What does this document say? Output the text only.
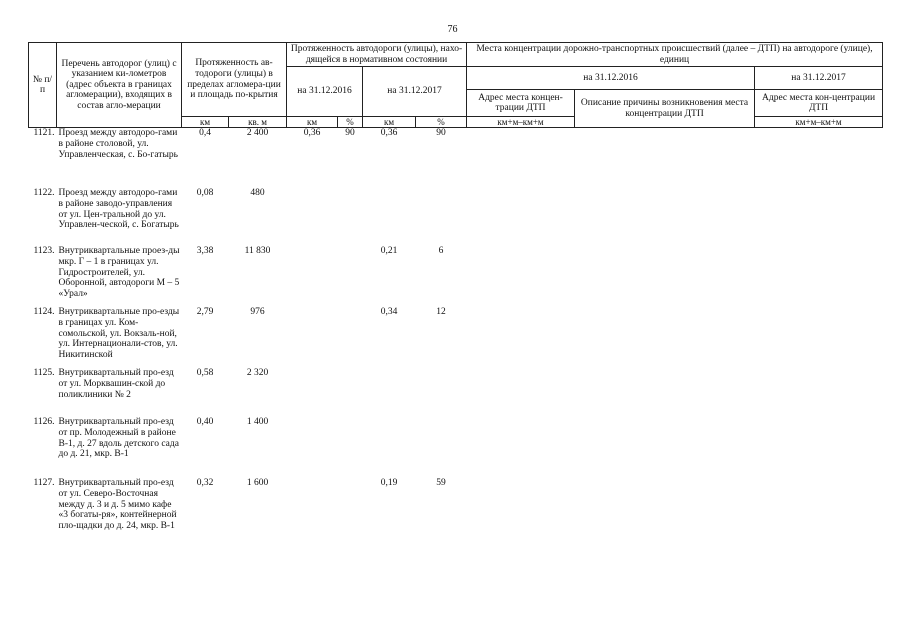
76
№ п/п	Перечень автодорог (улиц) с указанием ки-лометров (адрес объекта в границах агломерации), входящих в состав агло-мерации	Протяженность ав-тодороги (улицы) в пределах агломера-ции и площадь по-крытия		Протяженность автодороги (улицы), нахо-дящейся в нормативном состоянии				Места концентрации дорожно-транспортных происшествий (далее – ДТП) на автодороге (улице), единиц		
				на 31.12.2016		на 31.12.2017		на 31.12.2016		на 31.12.2017
								Адрес места концен-трации ДТП	Описание причины возникновения места концентрации ДТП	Адрес места кон-центрации ДТП
		км	кв. м	км	%	км	%	км+м–км+м		км+м–км+м
1121.	Проезд между автодоро-гами в районе столовой, ул. Управленческая, с. Бо-гатырь	0,4	2 400	0,36	90	0,36	90			
1122.	Проезд между автодоро-гами в районе заводо-управления от ул. Цен-тральной до ул. Управлен-ческой, с. Богатырь	0,08	480							
1123.	Внутриквартальные проез-ды мкр. Г – 1 в границах ул. Гидростроителей, ул. Оборонной, автодороги М – 5 «Урал»	3,38	11 830			0,21	6			
1124.	Внутриквартальные про-езды в границах ул. Ком-сомольской, ул. Вокзаль-ной, ул. Интернационали-стов, ул. Никитинской	2,79	976			0,34	12			
1125.	Внутриквартальный про-езд от ул. Морквашин-ской до поликлиники № 2	0,58	2 320							
1126.	Внутриквартальный про-езд от пр. Молодежный в районе В-1, д. 27 вдоль детского сада до д. 21, мкр. В-1	0,40	1 400							
1127.	Внутриквартальный про-езд от ул. Северо-Восточная между д. 3 и д. 5 мимо кафе «3 богаты-ря», контейнерной пло-щадки до д. 24, мкр. В-1	0,32	1 600			0,19	59			
